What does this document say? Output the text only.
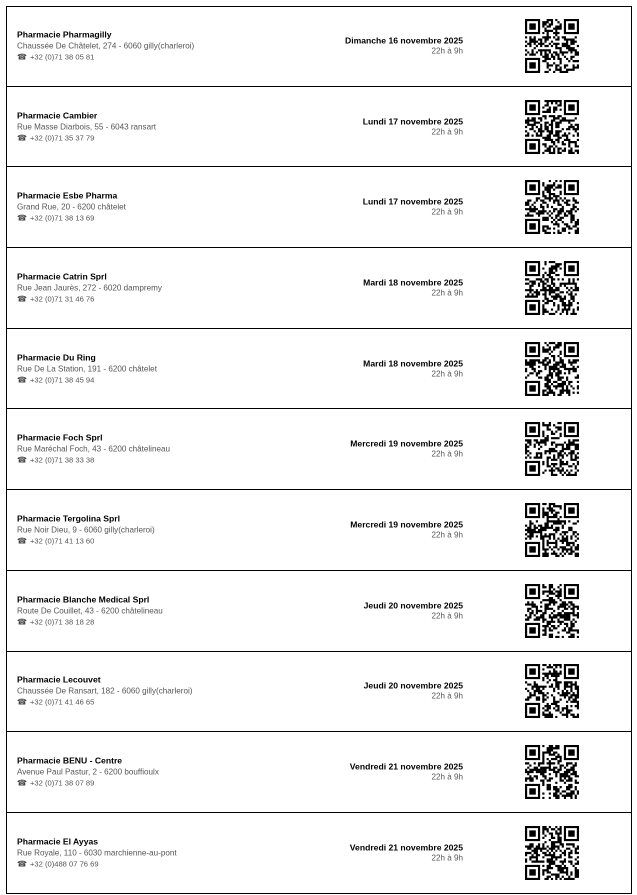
Pharmacie Pharmagilly
Chaussée De Châtelet, 274 - 6060 gilly(charleroi)
☎ +32 (0)71 38 05 81
Dimanche 16 novembre 2025
22h à 9h
Pharmacie Cambier
Rue Masse Diarbois, 55 - 6043 ransart
☎ +32 (0)71 35 37 79
Lundi 17 novembre 2025
22h à 9h
Pharmacie Esbe Pharma
Grand Rue, 20 - 6200 châtelet
☎ +32 (0)71 38 13 69
Lundi 17 novembre 2025
22h à 9h
Pharmacie Catrin Sprl
Rue Jean Jaurès, 272 - 6020 dampremy
☎ +32 (0)71 31 46 76
Mardi 18 novembre 2025
22h à 9h
Pharmacie Du Ring
Rue De La Station, 191 - 6200 châtelet
☎ +32 (0)71 38 45 94
Mardi 18 novembre 2025
22h à 9h
Pharmacie Foch Sprl
Rue Maréchal Foch, 43 - 6200 châtelineau
☎ +32 (0)71 38 33 38
Mercredi 19 novembre 2025
22h à 9h
Pharmacie Tergolina Sprl
Rue Noir Dieu, 9 - 6060 gilly(charleroi)
☎ +32 (0)71 41 13 60
Mercredi 19 novembre 2025
22h à 9h
Pharmacie Blanche Medical Sprl
Route De Couillet, 43 - 6200 châtelineau
☎ +32 (0)71 38 18 28
Jeudi 20 novembre 2025
22h à 9h
Pharmacie Lecouvet
Chaussée De Ransart, 182 - 6060 gilly(charleroi)
☎ +32 (0)71 41 46 65
Jeudi 20 novembre 2025
22h à 9h
Pharmacie BENU - Centre
Avenue Paul Pastur, 2 - 6200 bouffioulx
☎ +32 (0)71 38 07 89
Vendredi 21 novembre 2025
22h à 9h
Pharmacie El Ayyas
Rue Royale, 110 - 6030 marchienne-au-pont
☎ +32 (0)488 07 76 69
Vendredi 21 novembre 2025
22h à 9h
